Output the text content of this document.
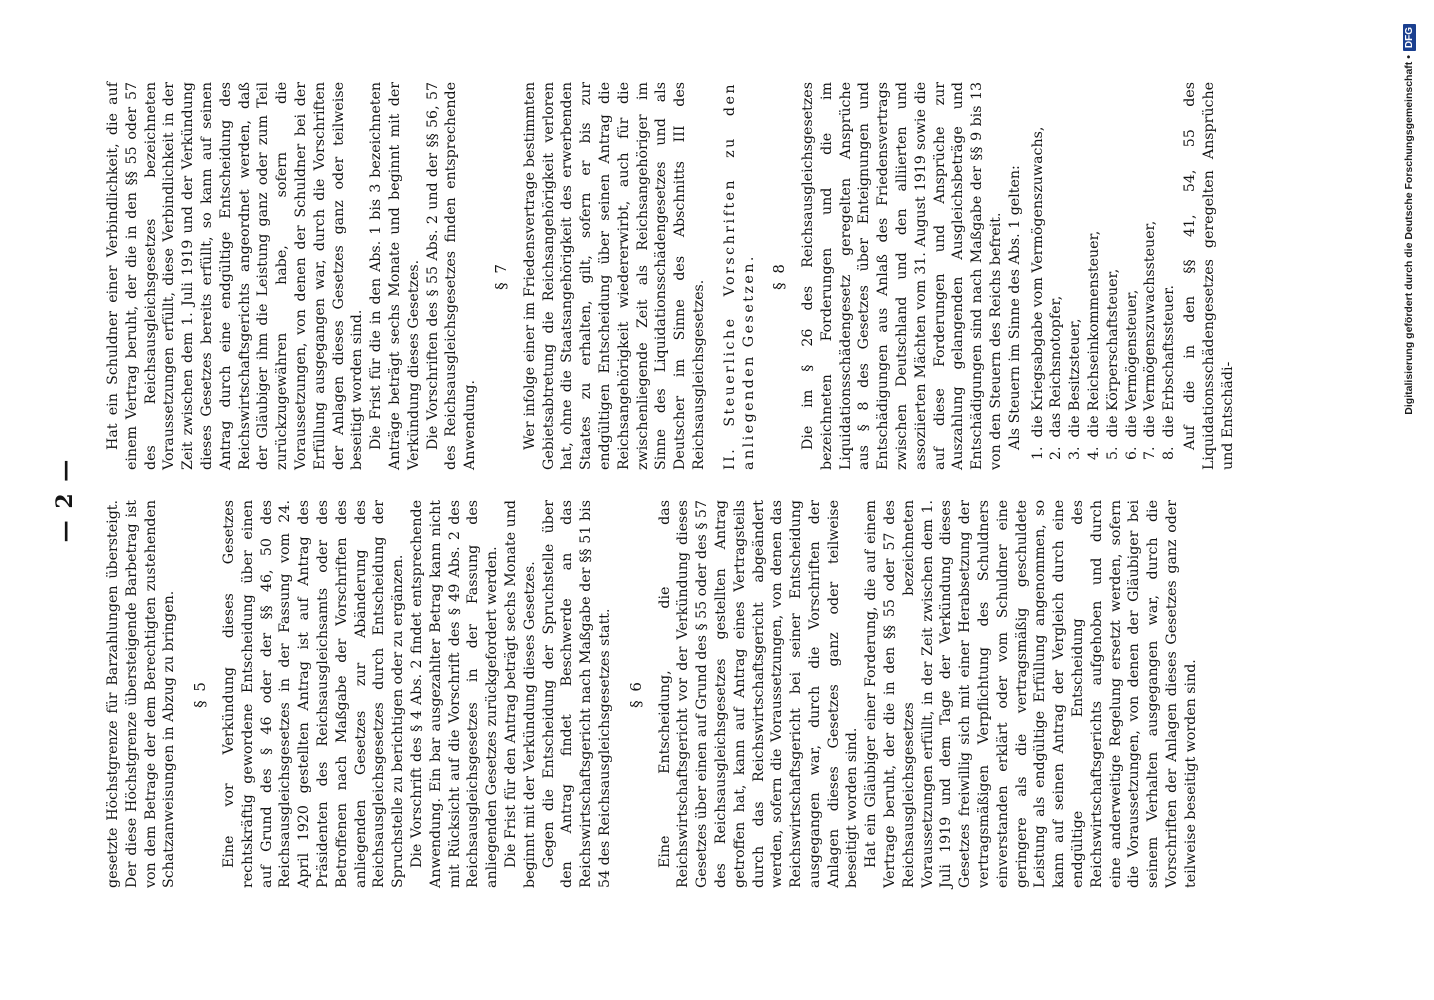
— 2 — gesetzte Höchstgrenze für Barzahlungen übersteigt. Der diese Höchstgrenze übersteigende Barbetrag ist von dem Betrage der dem Berechtigten zustehenden Schatzanweisungen in Abzug zu bringen. § 5 Eine vor Verkündung dieses Gesetzes rechtskräftig gewordene Entscheidung über einen auf Grund des § 46 oder der §§ 46, 50 des Reichsausgleichsgesetzes in der Fassung vom 24. April 1920 gestellten Antrag ist auf Antrag des Präsidenten des Reichsausgleichsamts oder des Betroffenen nach Maßgabe der Vorschriften des anliegenden Gesetzes zur Abänderung des Reichsausgleichsgesetzes durch Entscheidung der Spruchstelle zu berichtigen oder zu ergänzen. Die Vorschrift des § 4 Abs. 2 findet entsprechende Anwendung. Ein bar ausgezahlter Betrag kann nicht mit Rücksicht auf die Vorschrift des § 49 Abs. 2 des Reichsausgleichsgesetzes in der Fassung des anliegenden Gesetzes zurückgefordert werden. Die Frist für den Antrag beträgt sechs Monate und beginnt mit der Verkündung dieses Gesetzes. Gegen die Entscheidung der Spruchstelle über den Antrag findet Beschwerde an das Reichswirtschaftsgericht nach Maßgabe der §§ 51 bis 54 des Reichsausgleichsgesetzes statt. § 6 Eine Entscheidung, die das Reichswirtschaftsgericht vor der Verkündung dieses Gesetzes über einen auf Grund des § 55 oder des § 57 des Reichsausgleichsgesetzes gestellten Antrag getroffen hat, kann auf Antrag eines Vertragsteils durch das Reichswirtschaftsgericht abgeändert werden, sofern die Voraussetzungen, von denen das Reichswirtschaftsgericht bei seiner Entscheidung ausgegangen war, durch die Vorschriften der Anlagen dieses Gesetzes ganz oder teilweise beseitigt worden sind. Hat ein Gläubiger einer Forderung, die auf einem Vertrage beruht, der die in den §§ 55 oder 57 des Reichsausgleichsgesetzes bezeichneten Voraussetzungen erfüllt, in der Zeit zwischen dem 1. Juli 1919 und dem Tage der Verkündung dieses Gesetzes freiwillig sich mit einer Herabsetzung der vertragsmäßigen Verpflichtung des Schuldners einverstanden erklärt oder vom Schuldner eine geringere als die vertragsmäßig geschuldete Leistung als endgültige Erfüllung angenommen, so kann auf seinen Antrag der Vergleich durch eine endgültige Entscheidung des Reichswirtschaftsgerichts aufgehoben und durch eine anderweitige Regelung ersetzt werden, sofern die Voraussetzungen, von denen der Gläubiger bei seinem Verhalten ausgegangen war, durch die Vorschriften der Anlagen dieses Gesetzes ganz oder teilweise beseitigt worden sind.

Hat ein Schuldner einer Verbindlichkeit, die auf einem Vertrag beruht, der die in den §§ 55 oder 57 des Reichsausgleichsgesetzes bezeichneten Voraussetzungen erfüllt, diese Verbindlichkeit in der Zeit zwischen dem 1. Juli 1919 und der Verkündung dieses Gesetzes bereits erfüllt, so kann auf seinen Antrag durch eine endgültige Entscheidung des Reichswirtschaftsgerichts angeordnet werden, daß der Gläubiger ihm die Leistung ganz oder zum Teil zurückzugewähren habe, sofern die Voraussetzungen, von denen der Schuldner bei der Erfüllung ausgegangen war, durch die Vorschriften der Anlagen dieses Gesetzes ganz oder teilweise beseitigt worden sind. Die Frist für die in den Abs. 1 bis 3 bezeichneten Anträge beträgt sechs Monate und beginnt mit der Verkündung dieses Gesetzes. Die Vorschriften des § 55 Abs. 2 und der §§ 56, 57 des Reichsausgleichsgesetzes finden entsprechende Anwendung.

§ 7 Wer infolge einer im Friedensvertrage bestimmten Gebietsabtretung die Reichsangehörigkeit verloren hat, ohne die Staatsangehörigkeit des erwerbenden Staates zu erhalten, gilt, sofern er bis zur endgültigen Entscheidung über seinen Antrag die Reichsangehörigkeit wiedererwirbt, auch für die zwischenliegende Zeit als Reichsangehöriger im Sinne des Liquidationsschädengesetzes und als Deutscher im Sinne des Abschnitts III des Reichsausgleichsgesetzes. II. Steuerliche Vorschriften zu den anliegenden Gesetzen. § 8 Die im § 26 des Reichsausgleichsgesetzes bezeichneten Forderungen und die im Liquidationsschädengesetz geregelten Ansprüche aus § 8 des Gesetzes über Enteignungen und Entschädigungen aus Anlaß des Friedensvertrags zwischen Deutschland und den alliierten und assoziierten Mächten vom 31. August 1919 sowie die auf diese Forderungen und Ansprüche zur Auszahlung gelangenden Ausgleichsbeträge und Entschädigungen sind nach Maßgabe der §§ 9 bis 13 von den Steuern des Reichs befreit. Als Steuern im Sinne des Abs. 1 gelten:

1. die Kriegsabgabe vom Vermögenszuwachs,
2. das Reichsnotopfer,
3. die Besitzsteuer,
4. die Reichseinkommensteuer,
5. die Körperschaftsteuer,
6. die Vermögensteuer,
7. die Vermögenszuwachssteuer,
8. die Erbschaftssteuer. Auf die in den §§ 41, 54, 55 des Liquidationsschädengesetzes geregelten Ansprüche und Entschädi-

Digitalisierung gefördert durch die Deutsche Forschungsgemeinschaft •DFG
